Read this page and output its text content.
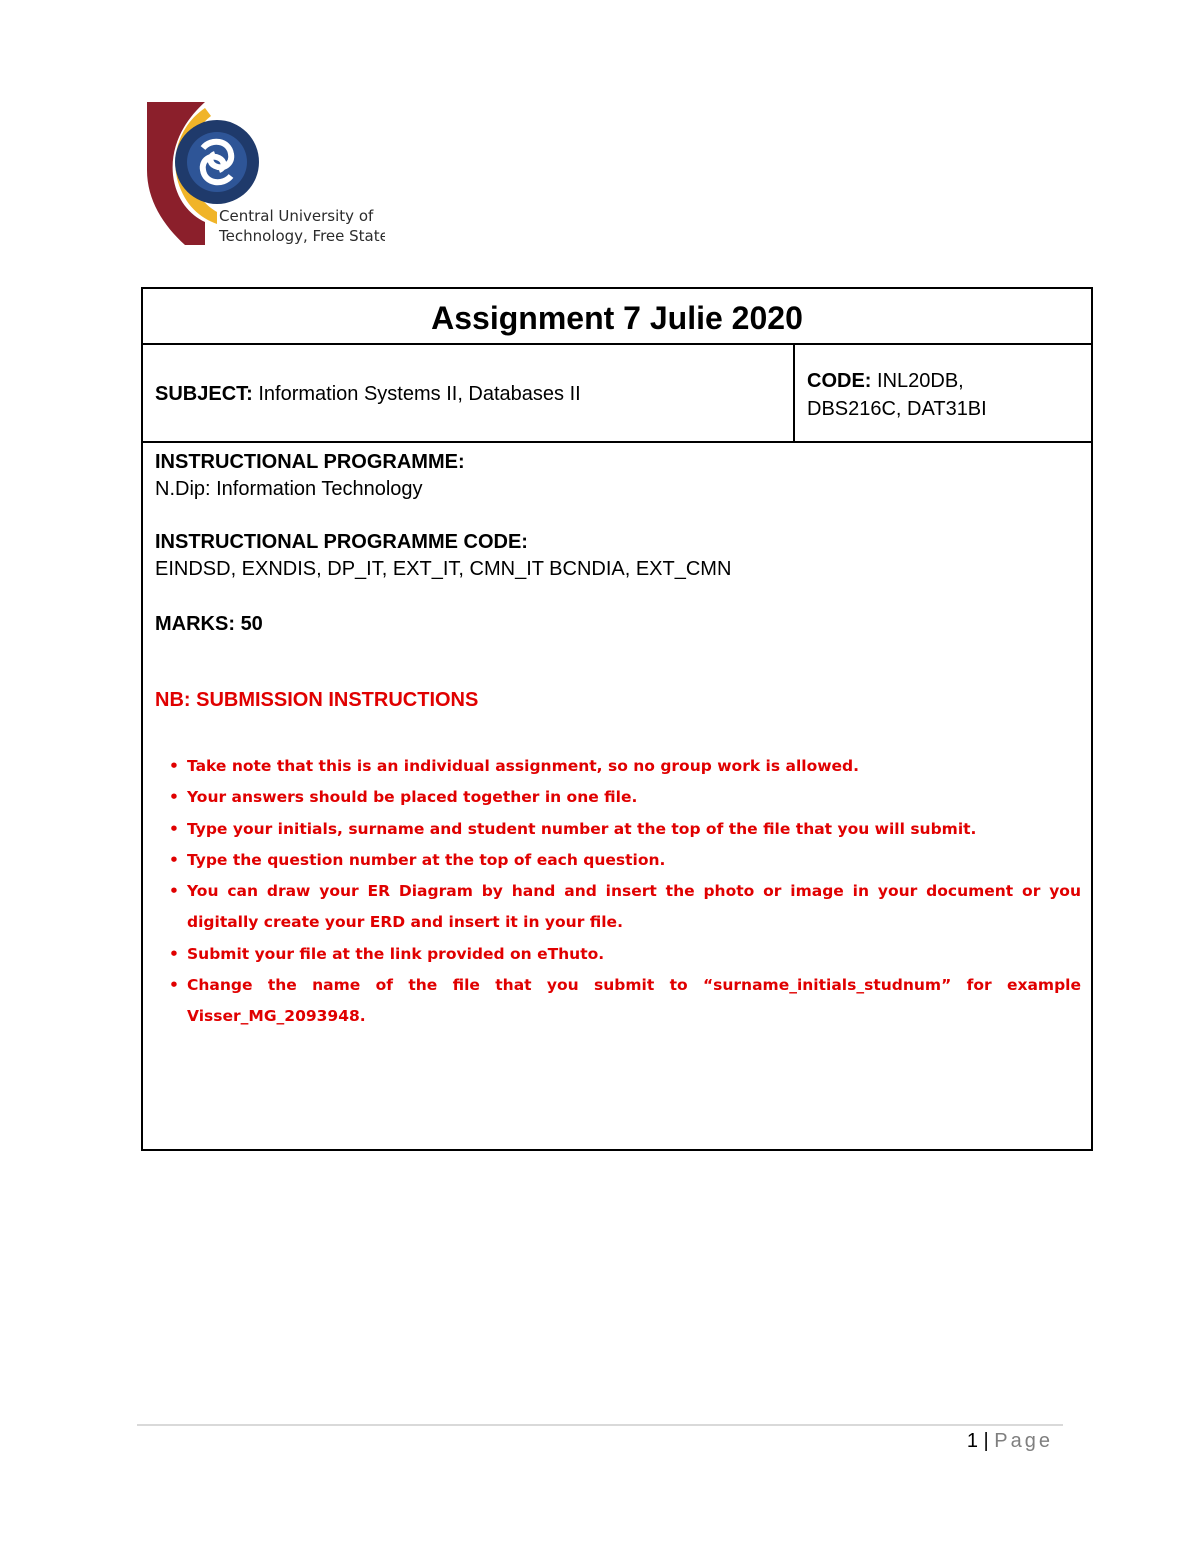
Central University of
Technology, Free State
Assignment 7 Julie 2020
SUBJECT: Information Systems II, Databases II
CODE: INL20DB,
DBS216C, DAT31BI
INSTRUCTIONAL PROGRAMME:
N.Dip: Information Technology
INSTRUCTIONAL PROGRAMME CODE:
EINDSD, EXNDIS, DP_IT, EXT_IT, CMN_IT BCNDIA, EXT_CMN
MARKS: 50
NB: SUBMISSION INSTRUCTIONS
• Take note that this is an individual assignment, so no group work is allowed.
• Your answers should be placed together in one file.
• Type your initials, surname and student number at the top of the file that you will submit.
• Type the question number at the top of each question.
• You can draw your ER Diagram by hand and insert the photo or image in your document or you digitally create your ERD and insert it in your file.
• Submit your file at the link provided on eThuto.
• Change the name of the file that you submit to “surname_initials_studnum” for example Visser_MG_2093948.
1 | Page
